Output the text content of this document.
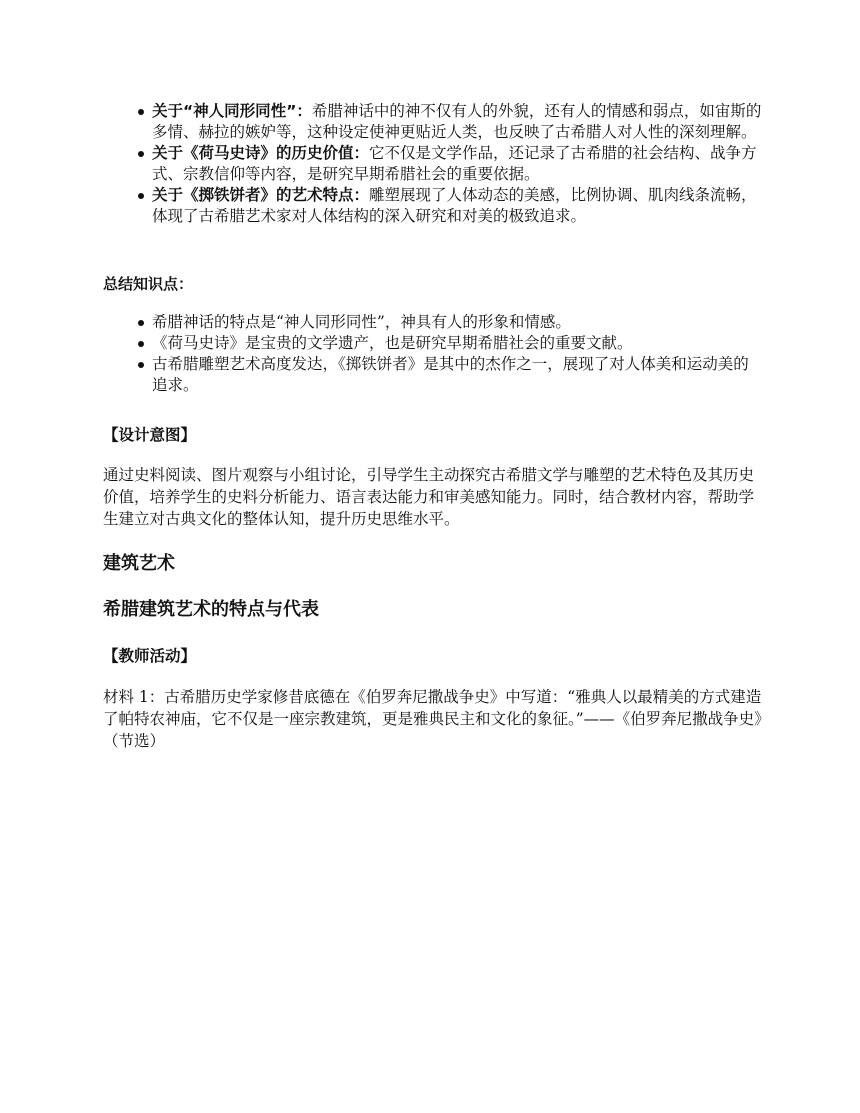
关于“神人同形同性”：希腊神话中的神不仅有人的外貌，还有人的情感和弱点，如宙斯的多情、赫拉的嫉妒等，这种设定使神更贴近人类，也反映了古希腊人对人性的深刻理解。
关于《荷马史诗》的历史价值：它不仅是文学作品，还记录了古希腊的社会结构、战争方式、宗教信仰等内容，是研究早期希腊社会的重要依据。
关于《掷铁饼者》的艺术特点：雕塑展现了人体动态的美感，比例协调、肌肉线条流畅，体现了古希腊艺术家对人体结构的深入研究和对美的极致追求。

总结知识点：

希腊神话的特点是“神人同形同性”，神具有人的形象和情感。
《荷马史诗》是宝贵的文学遗产，也是研究早期希腊社会的重要文献。
古希腊雕塑艺术高度发达，《掷铁饼者》是其中的杰作之一，展现了对人体美和运动美的追求。

【设计意图】

通过史料阅读、图片观察与小组讨论，引导学生主动探究古希腊文学与雕塑的艺术特色及其历史价值，培养学生的史料分析能力、语言表达能力和审美感知能力。同时，结合教材内容，帮助学生建立对古典文化的整体认知，提升历史思维水平。

建筑艺术
希腊建筑艺术的特点与代表

【教师活动】

材料 1：古希腊历史学家修昔底德在《伯罗奔尼撒战争史》中写道：“雅典人以最精美的方式建造了帕特农神庙，它不仅是一座宗教建筑，更是雅典民主和文化的象征。”——《伯罗奔尼撒战争史》（节选）
